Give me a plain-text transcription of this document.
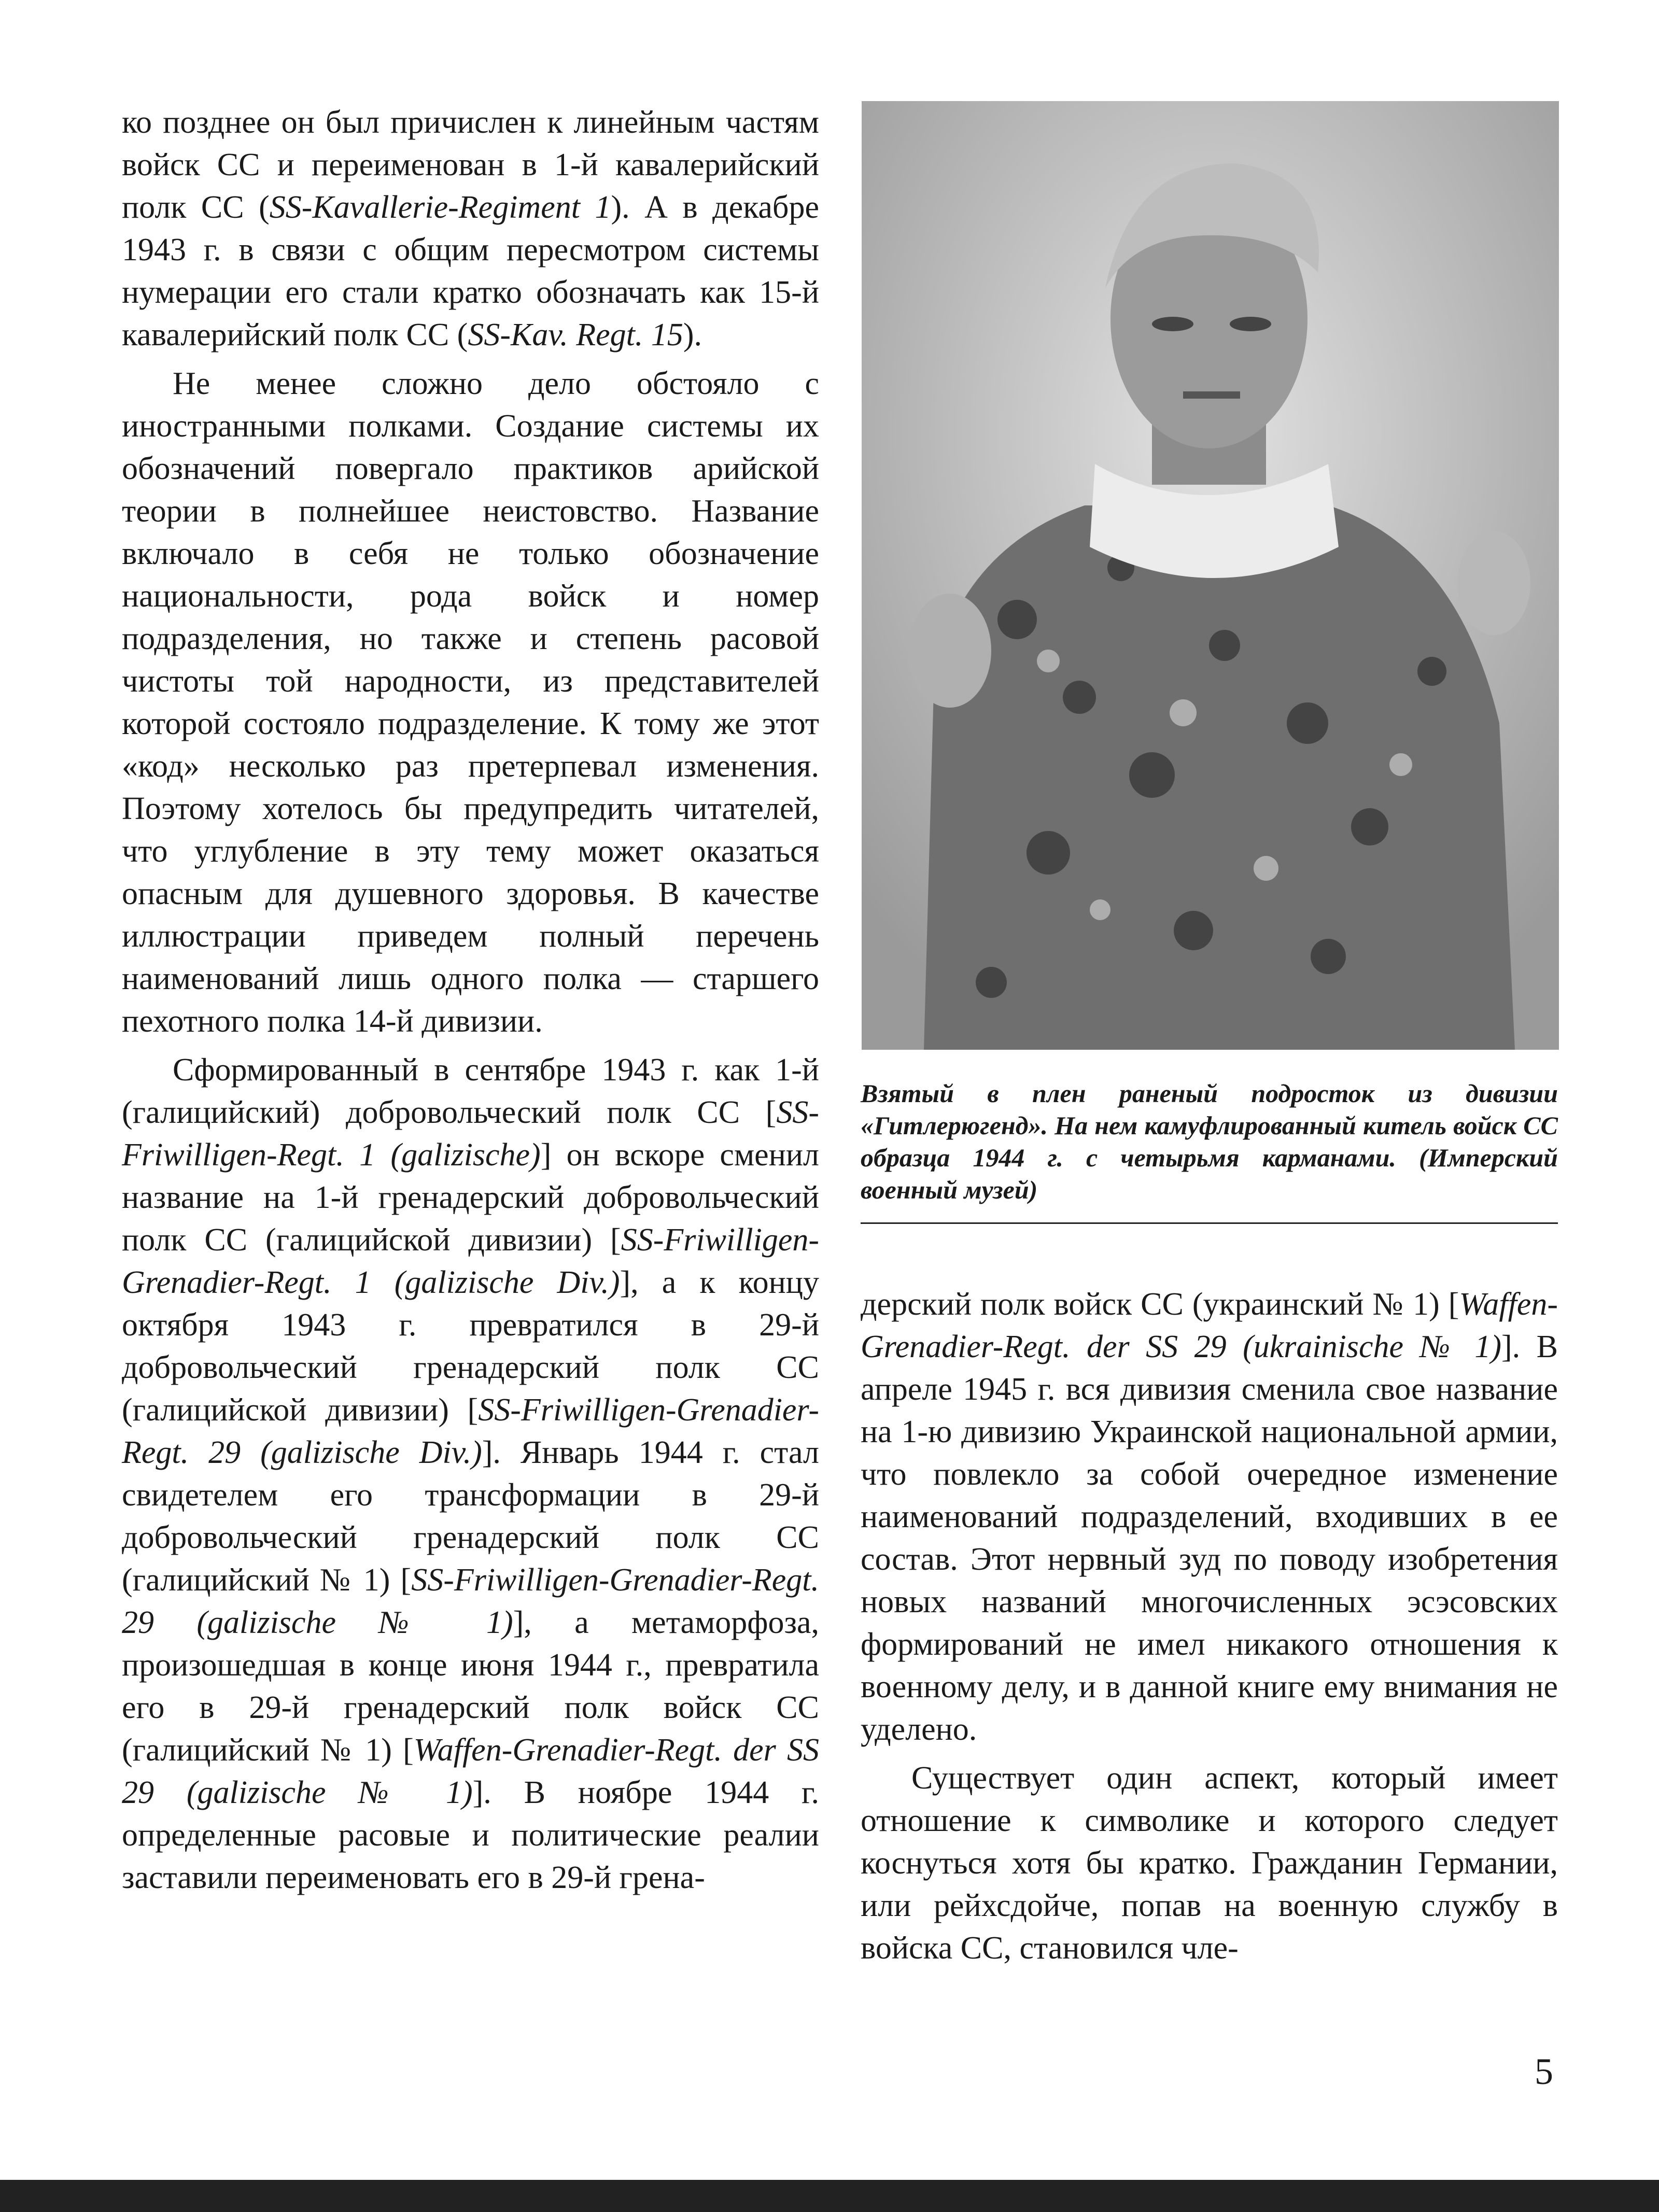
ко позднее он был причислен к линейным частям войск СС и переименован в 1-й кавалерийский полк СС (SS-Kavallerie-Regiment 1). А в декабре 1943 г. в связи с общим пересмотром системы нумерации его стали кратко обозначать как 15-й кавалерийский полк СС (SS-Kav. Regt. 15).

Не менее сложно дело обстояло с иностранными полками. Создание системы их обозначений повергало практиков арийской теории в полнейшее неистовство. Название включало в себя не только обозначение национальности, рода войск и номер подразделения, но также и степень расовой чистоты той народности, из представителей которой состояло подразделение. К тому же этот «код» несколько раз претерпевал изменения. Поэтому хотелось бы предупредить читателей, что углубление в эту тему может оказаться опасным для душевного здоровья. В качестве иллюстрации приведем полный перечень наименований лишь одного полка — старшего пехотного полка 14-й дивизии.

Сформированный в сентябре 1943 г. как 1-й (галицийский) добровольческий полк СС [SS-Friwilligen-Regt. 1 (galizische)] он вскоре сменил название на 1-й гренадерский добровольческий полк СС (галицийской дивизии) [SS-Friwilligen-Grenadier-Regt. 1 (galizische Div.)], а к концу октября 1943 г. превратился в 29-й добровольческий гренадерский полк СС (галицийской дивизии) [SS-Friwilligen-Grenadier-Regt. 29 (galizische Div.)]. Январь 1944 г. стал свидетелем его трансформации в 29-й добровольческий гренадерский полк СС (галицийский № 1) [SS-Friwilligen-Grenadier-Regt. 29 (galizische № 1)], а метаморфоза, произошедшая в конце июня 1944 г., превратила его в 29-й гренадерский полк войск СС (галицийский № 1) [Waffen-Grenadier-Regt. der SS 29 (galizische № 1)]. В ноябре 1944 г. определенные расовые и политические реалии заставили переименовать его в 29-й грена-

Взятый в плен раненый подросток из дивизии «Гитлерюгенд». На нем камуфлированный китель войск СС образца 1944 г. с четырьмя карманами. (Имперский военный музей)

дерский полк войск СС (украинский № 1) [Waffen-Grenadier-Regt. der SS 29 (ukrainische № 1)]. В апреле 1945 г. вся дивизия сменила свое название на 1-ю дивизию Украинской национальной армии, что повлекло за собой очередное изменение наименований подразделений, входивших в ее состав. Этот нервный зуд по поводу изобретения новых названий многочисленных эсэсовских формирований не имел никакого отношения к военному делу, и в данной книге ему внимания не уделено.

Существует один аспект, который имеет отношение к символике и которого следует коснуться хотя бы кратко. Гражданин Германии, или рейхсдойче, попав на военную службу в войска СС, становился чле-

5
